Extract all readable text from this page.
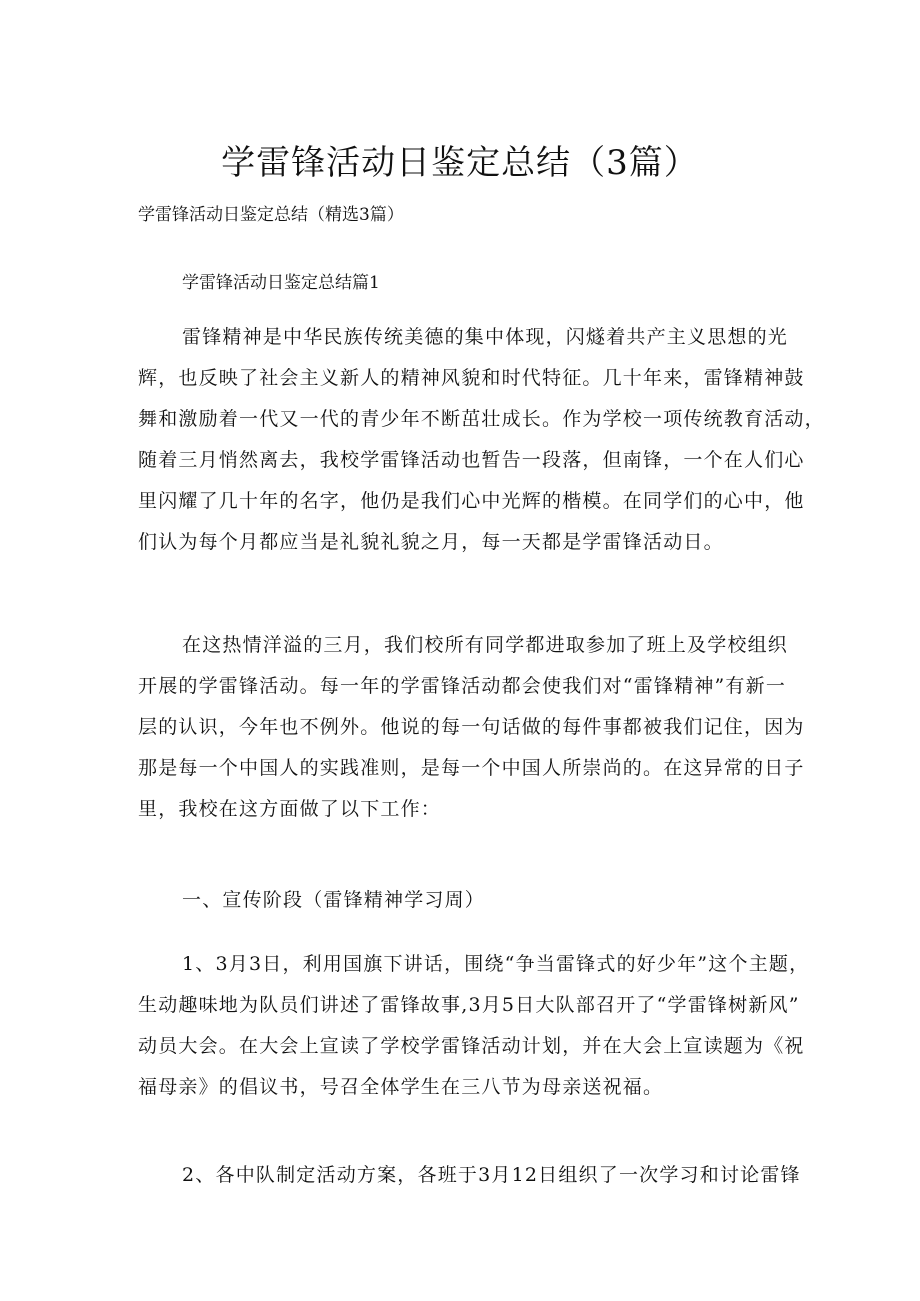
学雷锋活动日鉴定总结（3篇）
学雷锋活动日鉴定总结（精选3篇）
学雷锋活动日鉴定总结篇1
雷锋精神是中华民族传统美德的集中体现，闪燧着共产主义思想的光
辉，也反映了社会主义新人的精神风貌和时代特征。几十年来，雷锋精神鼓
舞和激励着一代又一代的青少年不断茁壮成长。作为学校一项传统教育活动，
随着三月悄然离去，我校学雷锋活动也暂告一段落，但南锋，一个在人们心
里闪耀了几十年的名字，他仍是我们心中光辉的楷模。在同学们的心中，他
们认为每个月都应当是礼貌礼貌之月，每一天都是学雷锋活动日。
在这热情洋溢的三月，我们校所有同学都进取参加了班上及学校组织
开展的学雷锋活动。每一年的学雷锋活动都会使我们对“雷锋精神”有新一
层的认识，今年也不例外。他说的每一句话做的每件事都被我们记住，因为
那是每一个中国人的实践准则，是每一个中国人所崇尚的。在这异常的日子
里，我校在这方面做了以下工作：
一、宣传阶段（雷锋精神学习周）
1、3月3日，利用国旗下讲话，围绕“争当雷锋式的好少年”这个主题，
生动趣味地为队员们讲述了雷锋故事,3月5日大队部召开了“学雷锋树新风”
动员大会。在大会上宣读了学校学雷锋活动计划，并在大会上宣读题为《祝
福母亲》的倡议书，号召全体学生在三八节为母亲送祝福。
2、各中队制定活动方案，各班于3月12日组织了一次学习和讨论雷锋
